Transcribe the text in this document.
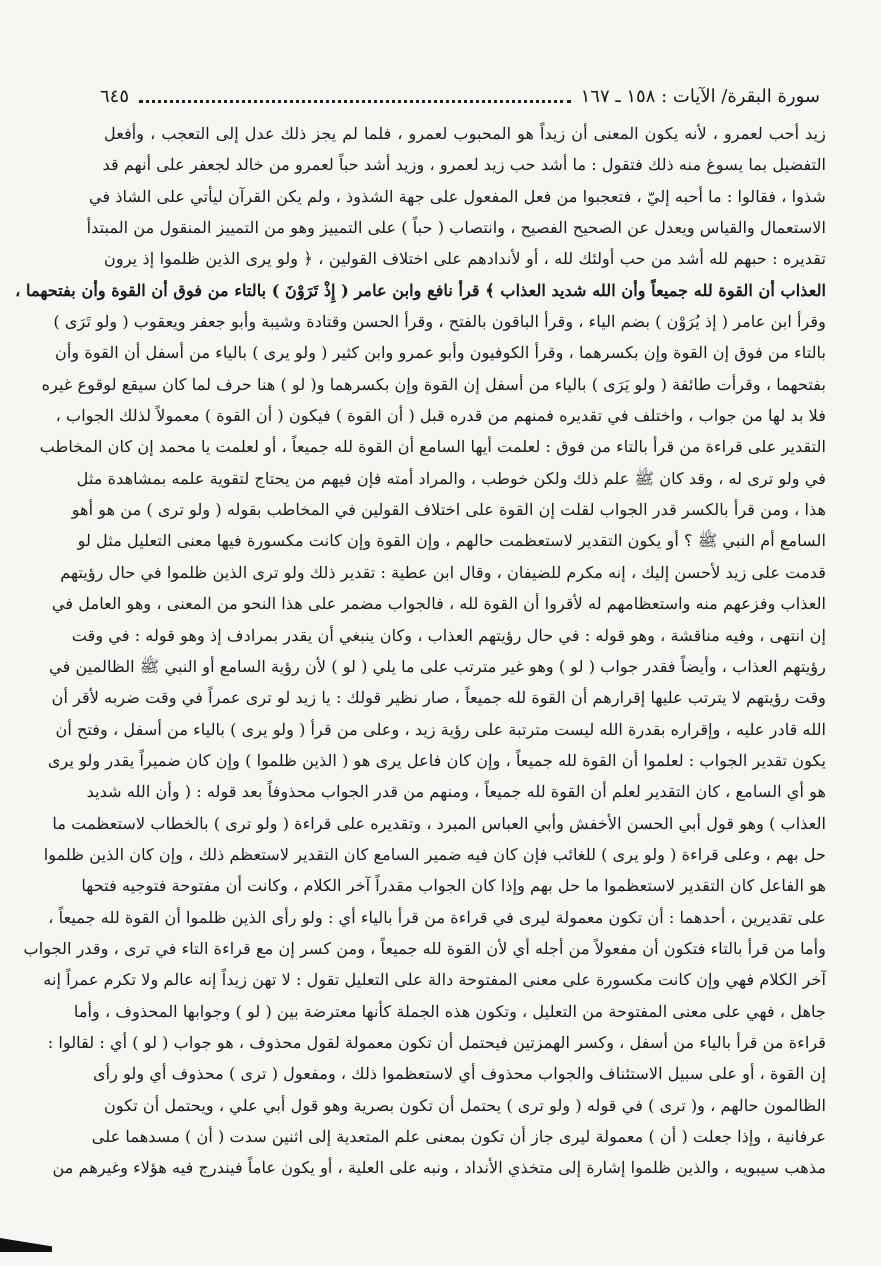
سورة البقرة/ الآيات : ١٥٨ ـ ١٦٧
٦٤٥
زيد أحب لعمرو ، لأنه يكون المعنى أن زيداً هو المحبوب لعمرو ، فلما لم يجز ذلك عدل إلى التعجب ، وأفعل
التفضيل بما يسوغ منه ذلك فتقول : ما أشد حب زيد لعمرو ، وزيد أشد حباً لعمرو من خالد لجعفر على أنهم قد
شذوا ، فقالوا : ما أحبه إليّ ، فتعجبوا من فعل المفعول على جهة الشذوذ ، ولم يكن القرآن ليأتي على الشاذ في
الاستعمال والقياس ويعدل عن الصحيح الفصيح ، وانتصاب ( حباً ) على التمييز وهو من التمييز المنقول من المبتدأ
تقديره : حبهم لله أشد من حب أولئك لله ، أو لأندادهم على اختلاف القولين ، ﴿ ولو يرى الذين ظلموا إذ يرون
العذاب أن القوة لله جميعاً وأن الله شديد العذاب ﴾ قرأ نافع وابن عامر ( إِذْ تَرَوْنَ ) بالتاء من فوق أن القوة وأن بفتحهما ،
وقرأ ابن عامر ( إذ يُرَوْن ) بضم الياء ، وقرأ الباقون بالفتح ، وقرأ الحسن وقتادة وشيبة وأبو جعفر ويعقوب ( ولو تَرَى )
بالتاء من فوق إن القوة وإن بكسرهما ، وقرأ الكوفيون وأبو عمرو وابن كثير ( ولو يرى ) بالياء من أسفل أن القوة وأن
بفتحهما ، وقرأت طائفة ( ولو يَرَى ) بالياء من أسفل إن القوة وإن بكسرهما و( لو ) هنا حرف لما كان سيقع لوقوع غيره
فلا بد لها من جواب ، واختلف في تقديره فمنهم من قدره قبل ( أن القوة ) فيكون ( أن القوة ) معمولاً لذلك الجواب ،
التقدير على قراءة من قرأ بالتاء من فوق : لعلمت أيها السامع أن القوة لله جميعاً ، أو لعلمت يا محمد إن كان المخاطب
في ولو ترى له ، وقد كان ﷺ علم ذلك ولكن خوطب ، والمراد أمته فإن فيهم من يحتاج لتقوية علمه بمشاهدة مثل
هذا ، ومن قرأ بالكسر قدر الجواب لقلت إن القوة على اختلاف القولين في المخاطب بقوله ( ولو ترى ) من هو أهو
السامع أم النبي ﷺ ؟ أو يكون التقدير لاستعظمت حالهم ، وإن القوة وإن كانت مكسورة فيها معنى التعليل مثل لو
قدمت على زيد لأحسن إليك ، إنه مكرم للضيفان ، وقال ابن عطية : تقدير ذلك ولو ترى الذين ظلموا في حال رؤيتهم
العذاب وفزعهم منه واستعظامهم له لأقروا أن القوة لله ، فالجواب مضمر على هذا النحو من المعنى ، وهو العامل في
إن انتهى ، وفيه مناقشة ، وهو قوله : في حال رؤيتهم العذاب ، وكان ينبغي أن يقدر بمرادف إذ وهو قوله : في وقت
رؤيتهم العذاب ، وأيضاً فقدر جواب ( لو ) وهو غير مترتب على ما يلي ( لو ) لأن رؤية السامع أو النبي ﷺ الظالمين في
وقت رؤيتهم لا يترتب عليها إقرارهم أن القوة لله جميعاً ، صار نظير قولك : يا زيد لو ترى عمراً في وقت ضربه لأقر أن
الله قادر عليه ، وإقراره بقدرة الله ليست مترتبة على رؤية زيد ، وعلى من قرأ ( ولو يرى ) بالياء من أسفل ، وفتح أن
يكون تقدير الجواب : لعلموا أن القوة لله جميعاً ، وإن كان فاعل يرى هو ( الذين ظلموا ) وإن كان ضميراً يقدر ولو يرى
هو أي السامع ، كان التقدير لعلم أن القوة لله جميعاً ، ومنهم من قدر الجواب محذوفاً بعد قوله : ( وأن الله شديد
العذاب ) وهو قول أبي الحسن الأخفش وأبي العباس المبرد ، وتقديره على قراءة ( ولو ترى ) بالخطاب لاستعظمت ما
حل بهم ، وعلى قراءة ( ولو يرى ) للغائب فإن كان فيه ضمير السامع كان التقدير لاستعظم ذلك ، وإن كان الذين ظلموا
هو الفاعل كان التقدير لاستعظموا ما حل بهم وإذا كان الجواب مقدراً آخر الكلام ، وكانت أن مفتوحة فتوجيه فتحها
على تقديرين ، أحدهما : أن تكون معمولة ليرى في قراءة من قرأ بالياء أي : ولو رأى الذين ظلموا أن القوة لله جميعاً ،
وأما من قرأ بالتاء فتكون أن مفعولاً من أجله أي لأن القوة لله جميعاً ، ومن كسر إن مع قراءة التاء في ترى ، وقدر الجواب
آخر الكلام فهي وإن كانت مكسورة على معنى المفتوحة دالة على التعليل تقول : لا تهن زيداً إنه عالم ولا تكرم عمراً إنه
جاهل ، فهي على معنى المفتوحة من التعليل ، وتكون هذه الجملة كأنها معترضة بين ( لو ) وجوابها المحذوف ، وأما
قراءة من قرأ بالياء من أسفل ، وكسر الهمزتين فيحتمل أن تكون معمولة لقول محذوف ، هو جواب ( لو ) أي : لقالوا :
إن القوة ، أو على سبيل الاستئناف والجواب محذوف أي لاستعظموا ذلك ، ومفعول ( ترى ) محذوف أي ولو رأى
الظالمون حالهم ، و( ترى ) في قوله ( ولو ترى ) يحتمل أن تكون بصرية وهو قول أبي علي ، ويحتمل أن تكون
عرفانية ، وإذا جعلت ( أن ) معمولة ليرى جاز أن تكون بمعنى علم المتعدية إلى اثنين سدت ( أن ) مسدهما على
مذهب سيبويه ، والذين ظلموا إشارة إلى متخذي الأنداد ، ونبه على العلية ، أو يكون عاماً فيندرج فيه هؤلاء وغيرهم من
